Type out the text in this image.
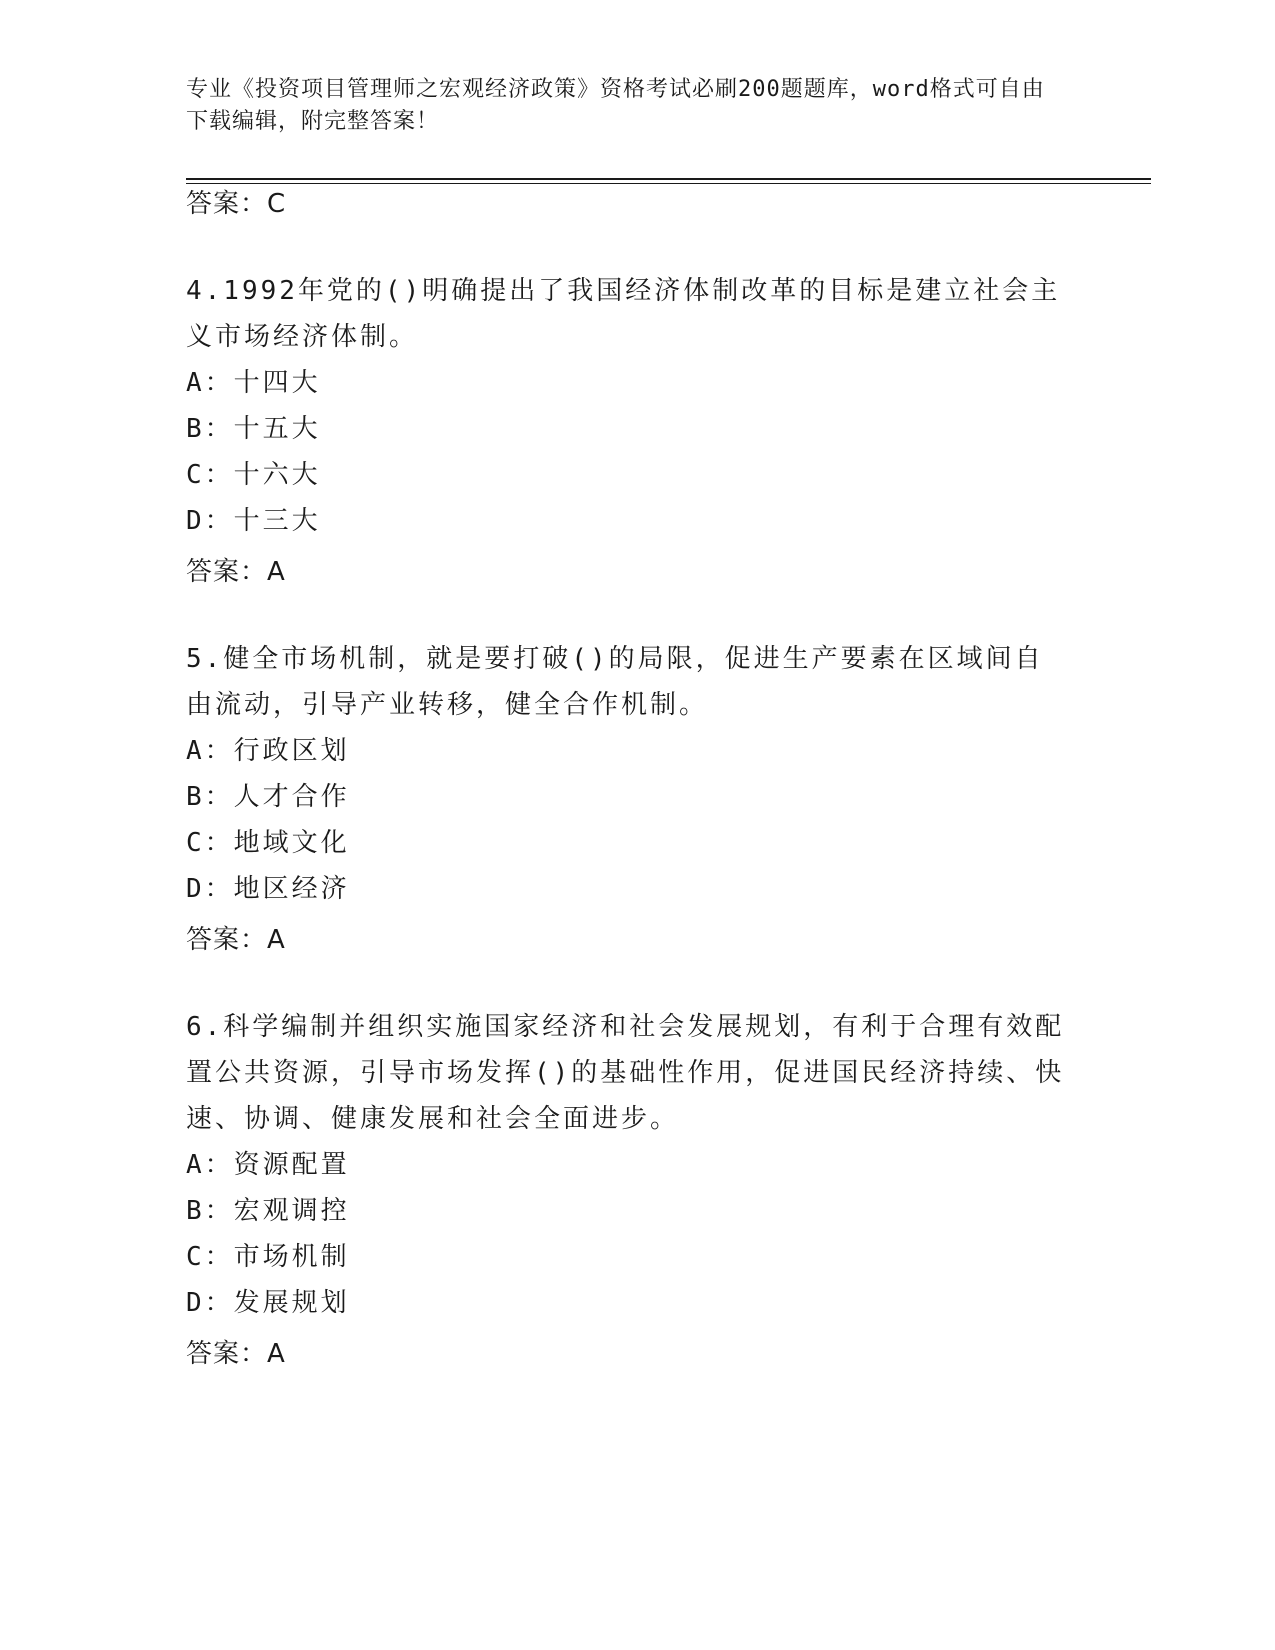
专业《投资项目管理师之宏观经济政策》资格考试必刷200题题库，word格式可自由下载编辑，附完整答案！
答案：C

4.1992年党的()明确提出了我国经济体制改革的目标是建立社会主义市场经济体制。

A：十四大

B：十五大

C：十六大

D：十三大

答案：A

5.健全市场机制，就是要打破()的局限，促进生产要素在区域间自由流动，引导产业转移，健全合作机制。

A：行政区划

B：人才合作

C：地域文化

D：地区经济

答案：A

6.科学编制并组织实施国家经济和社会发展规划，有利于合理有效配置公共资源，引导市场发挥()的基础性作用，促进国民经济持续、快速、协调、健康发展和社会全面进步。

A：资源配置

B：宏观调控

C：市场机制

D：发展规划

答案：A
